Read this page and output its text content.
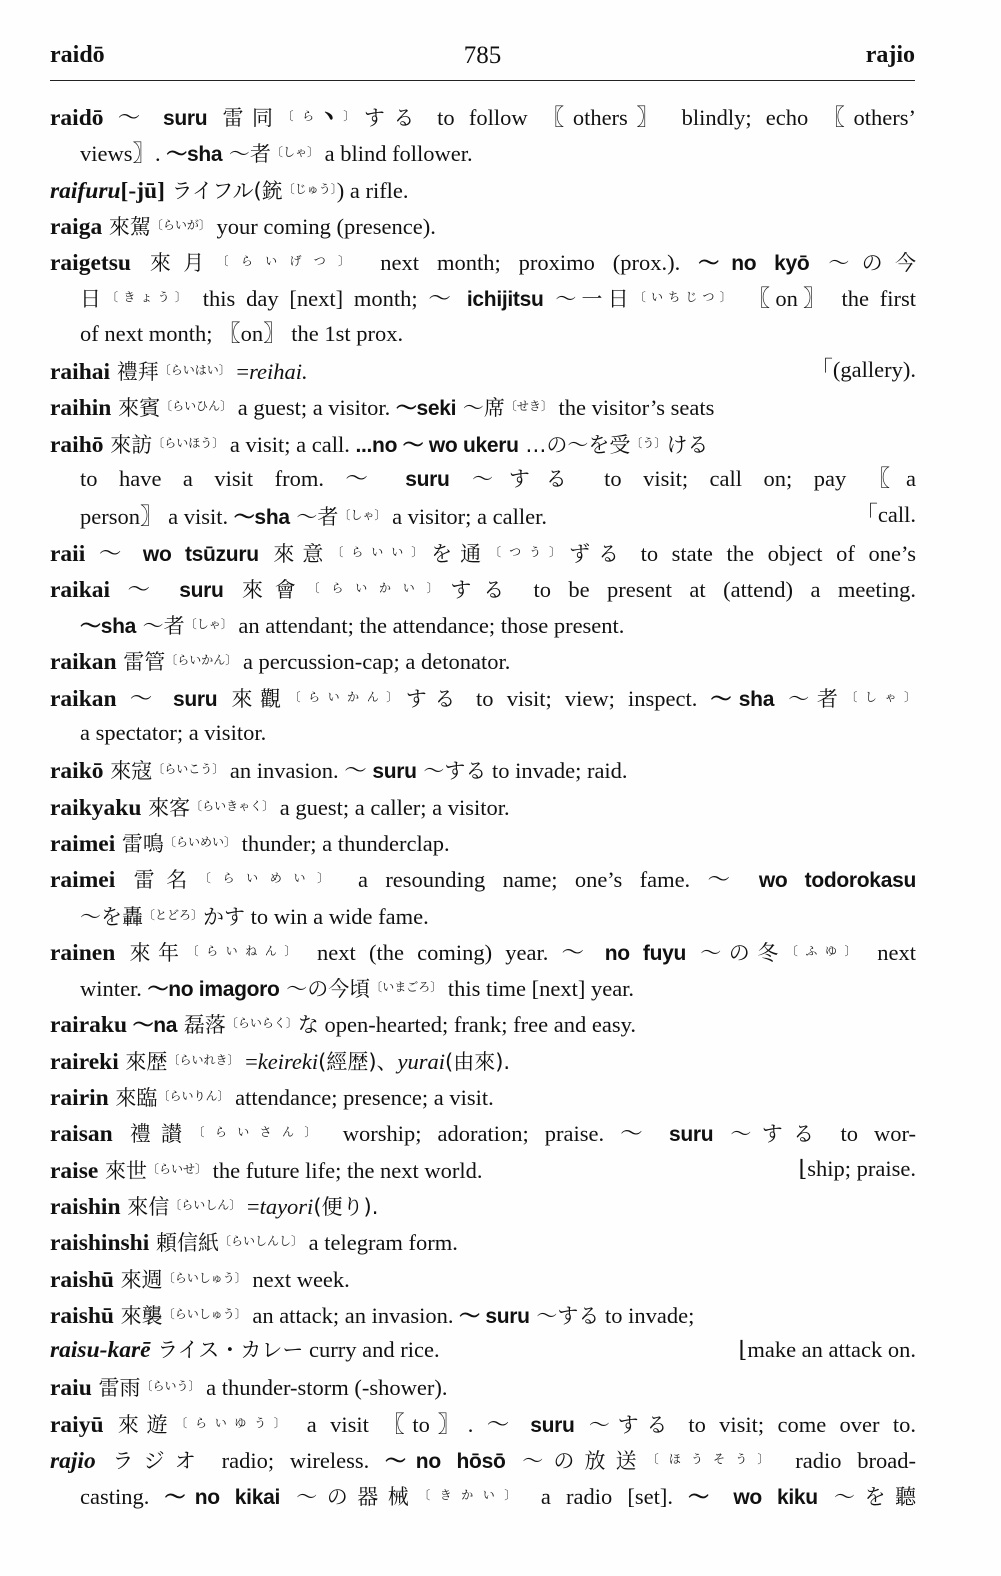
raidō	785	rajio
raidō ～ suru 雷同$^{〔ら﹅〕}$する to follow 〖others〗 blindly; echo 〖others’
views〗. ～sha ～者$^{〔しゃ〕}$ a blind follower.
raifuru[-jū] ライフル(銃$^{〔じゅう〕}$) a rifle.
raiga 來駕$^{〔らいが〕}$ your coming (presence).
raigetsu 來月$^{〔らいげつ〕}$ next month; proximo (prox.). ～no kyō ～の今
日$^{〔きょう〕}$ this day [next] month; ～ ichijitsu ～一日$^{〔いちじつ〕}$ 〖on〗 the first
of next month; 〖on〗 the 1st prox.
raihai 禮拜$^{〔らいはい〕}$ =reihai.	「(gallery).
raihin 來賓$^{〔らいひん〕}$ a guest; a visitor. ～seki ～席$^{〔せき〕}$ the visitor’s seats
raihō 來訪$^{〔らいほう〕}$ a visit; a call. ...no ～ wo ukeru …の～を受$^{〔う〕}$ける
to have a visit from. ～ suru ～する to visit; call on; pay 〖a
person〗 a visit. ～sha ～者$^{〔しゃ〕}$ a visitor; a caller.	「call.
raii ～ wo tsūzuru 來意$^{〔らいい〕}$を通$^{〔つう〕}$ずる to state the object of one’s
raikai ～ suru 來會$^{〔らいかい〕}$する to be present at (attend) a meeting.
～sha ～者$^{〔しゃ〕}$ an attendant; the attendance; those present.
raikan 雷管$^{〔らいかん〕}$ a percussion-cap; a detonator.
raikan ～ suru 來觀$^{〔らいかん〕}$する to visit; view; inspect. ～sha ～者$^{〔しゃ〕}$
a spectator; a visitor.
raikō 來寇$^{〔らいこう〕}$ an invasion. ～ suru ～する to invade; raid.
raikyaku 來客$^{〔らいきゃく〕}$ a guest; a caller; a visitor.
raimei 雷鳴$^{〔らいめい〕}$ thunder; a thunderclap.
raimei 雷名$^{〔らいめい〕}$ a resounding name; one’s fame. ～ wo todorokasu
～を轟$^{〔とどろ〕}$かす to win a wide fame.
rainen 來年$^{〔らいねん〕}$ next (the coming) year. ～ no fuyu ～の冬$^{〔ふゆ〕}$ next
winter. ～no imagoro ～の今頃$^{〔いまごろ〕}$ this time [next] year.
rairaku ～na 磊落$^{〔らいらく〕}$な open-hearted; frank; free and easy.
raireki 來歴$^{〔らいれき〕}$ =keireki(經歴)、yurai(由來).
rairin 來臨$^{〔らいりん〕}$ attendance; presence; a visit.
raisan 禮讃$^{〔らいさん〕}$ worship; adoration; praise. ～ suru ～する to wor-
raise 來世$^{〔らいせ〕}$ the future life; the next world.	⌊ship; praise.
raishin 來信$^{〔らいしん〕}$ =tayori(便り).
raishinshi 頼信紙$^{〔らいしんし〕}$ a telegram form.
raishū 來週$^{〔らいしゅう〕}$ next week.
raishū 來襲$^{〔らいしゅう〕}$ an attack; an invasion. ～ suru ～する to invade;
raisu-karē ライス・カレー curry and rice.	⌊make an attack on.
raiu 雷雨$^{〔らいう〕}$ a thunder-storm (-shower).
raiyū 來遊$^{〔らいゆう〕}$ a visit 〖to〗. ～ suru ～する to visit; come over to.
rajio ラジオ radio; wireless. ～no hōsō ～の放送$^{〔ほうそう〕}$ radio broad-
casting. ～no kikai ～の器械$^{〔きかい〕}$ a radio [set]. ～ wo kiku ～を聽
